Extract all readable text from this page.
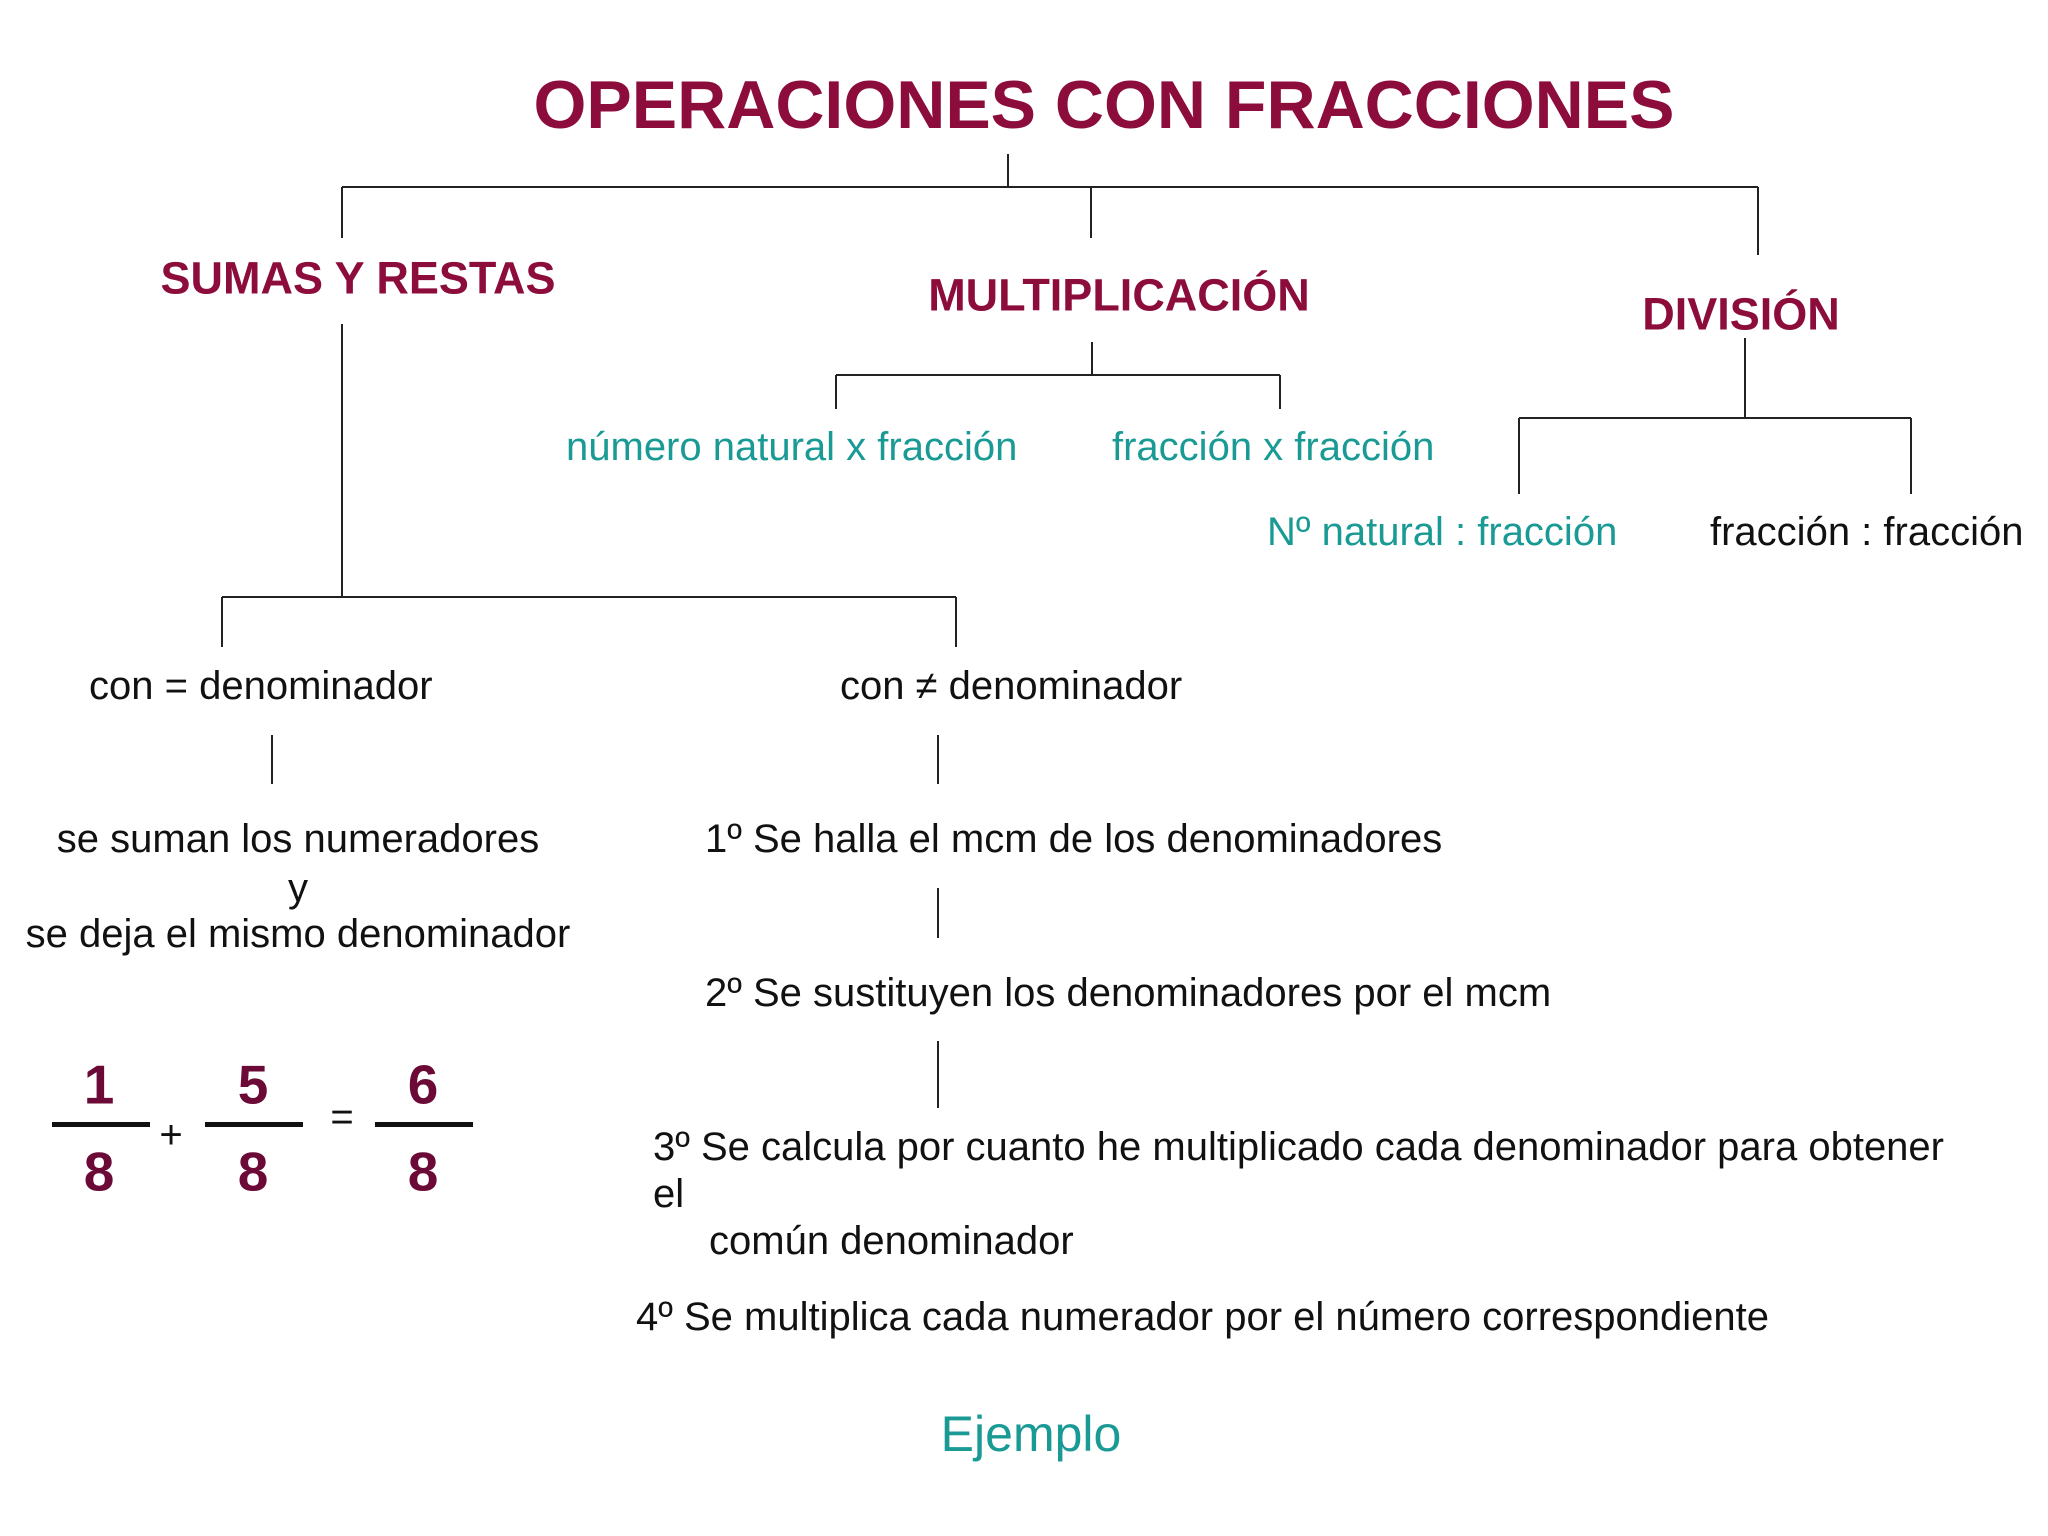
OPERACIONES CON FRACCIONES
SUMAS Y RESTAS	MULTIPLICACIÓN	DIVISIÓN
número natural x fracción fracción x fracción
Nº natural : fracción fracción : fracción
con = denominador	con ≠ denominador
se suman los numeradores
y
se deja el mismo denominador
1º Se halla el mcm de los denominadores
2º Se sustituyen los denominadores por el mcm
3º Se calcula por cuanto he multiplicado cada denominador para obtener
el
común denominador
4º Se multiplica cada numerador por el número correspondiente
Ejemplo
1
8
+
5
8
=
6
8
